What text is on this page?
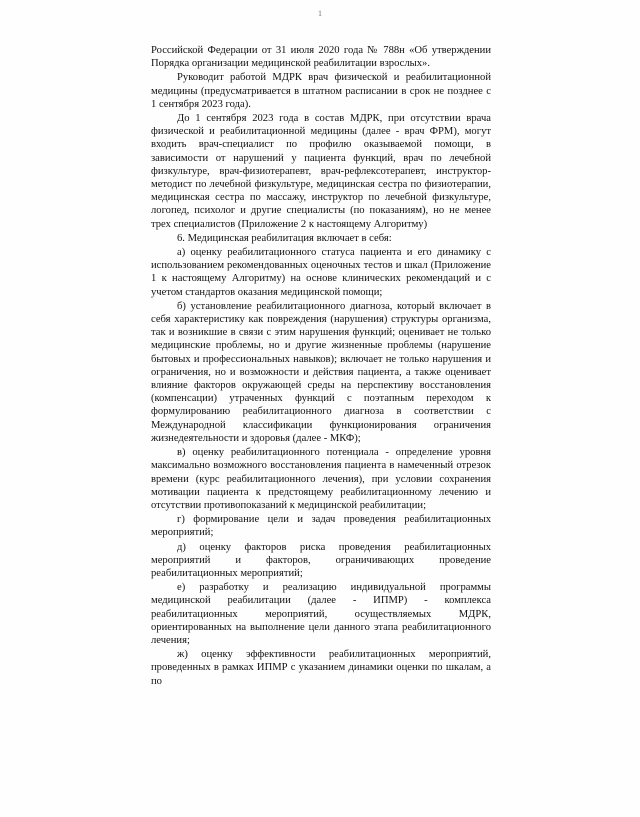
1

Российской Федерации от 31 июля 2020 года № 788н «Об утверждении Порядка организации медицинской реабилитации взрослых».

Руководит работой МДРК врач физической и реабилитационной медицины (предусматривается в штатном расписании в срок не позднее с 1 сентября 2023 года).

До 1 сентября 2023 года в состав МДРК, при отсутствии врача физической и реабилитационной медицины (далее - врач ФРМ), могут входить врач-специалист по профилю оказываемой помощи, в зависимости от нарушений у пациента функций, врач по лечебной физкультуре, врач-физиотерапевт, врач-рефлексотерапевт, инструктор-методист по лечебной физкультуре, медицинская сестра по физиотерапии, медицинская сестра по массажу, инструктор по лечебной физкультуре, логопед, психолог и другие специалисты (по показаниям), но не менее трех специалистов (Приложение 2 к настоящему Алгоритму)

6. Медицинская реабилитация включает в себя:

а) оценку реабилитационного статуса пациента и его динамику с использованием рекомендованных оценочных тестов и шкал (Приложение 1 к настоящему Алгоритму) на основе клинических рекомендаций и с учетом стандартов оказания медицинской помощи;

б) установление реабилитационного диагноза, который включает в себя характеристику как повреждения (нарушения) структуры организма, так и возникшие в связи с этим нарушения функций; оценивает не только медицинские проблемы, но и другие жизненные проблемы (нарушение бытовых и профессиональных навыков); включает не только нарушения и ограничения, но и возможности и действия пациента, а также оценивает влияние факторов окружающей среды на перспективу восстановления (компенсации) утраченных функций с поэтапным переходом к формулированию реабилитационного диагноза в соответствии с Международной классификации функционирования ограничения жизнедеятельности и здоровья (далее - МКФ);

в) оценку реабилитационного потенциала - определение уровня максимально возможного восстановления пациента в намеченный отрезок времени (курс реабилитационного лечения), при условии сохранения мотивации пациента к предстоящему реабилитационному лечению и отсутствии противопоказаний к медицинской реабилитации;

г) формирование цели и задач проведения реабилитационных мероприятий;

д) оценку факторов риска проведения реабилитационных мероприятий и факторов, ограничивающих проведение реабилитационных мероприятий;

е) разработку и реализацию индивидуальной программы медицинской реабилитации (далее - ИПМР) - комплекса реабилитационных мероприятий, осуществляемых МДРК, ориентированных на выполнение цели данного этапа реабилитационного лечения;

ж) оценку эффективности реабилитационных мероприятий, проведенных в рамках ИПМР с указанием динамики оценки по шкалам, а по
